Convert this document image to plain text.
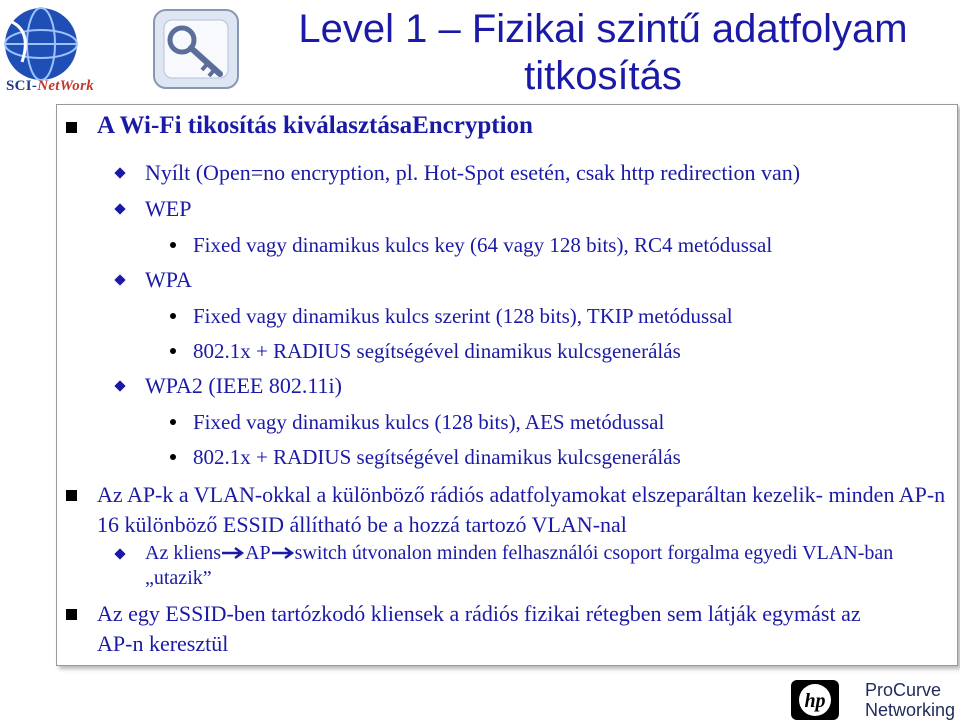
SCI-NetWork
Level 1 – Fizikai szintű adatfolyam titkosítás
A Wi-Fi tikosítás kiválasztásaEncryption
Nyílt (Open=no encryption, pl. Hot-Spot esetén, csak http redirection van)
WEP
Fixed vagy dinamikus kulcs key (64 vagy 128 bits), RC4 metódussal
WPA
Fixed vagy dinamikus kulcs szerint (128 bits), TKIP metódussal
802.1x + RADIUS segítségével dinamikus kulcsgenerálás
WPA2 (IEEE 802.11i)
Fixed vagy dinamikus kulcs (128 bits), AES metódussal
802.1x + RADIUS segítségével dinamikus kulcsgenerálás
Az AP-k a VLAN-okkal a különböző rádiós adatfolyamokat elszeparáltan kezelik- minden AP-n 16 különböző ESSID állítható be a hozzá tartozó VLAN-nal
Az kliens AP switch útvonalon minden felhasználói csoport forgalma egyedi VLAN-ban „utazik”
Az egy ESSID-ben tartózkodó kliensek a rádiós fizikai rétegben sem látják egymást az AP-n keresztül
hp ProCurve
Networking
